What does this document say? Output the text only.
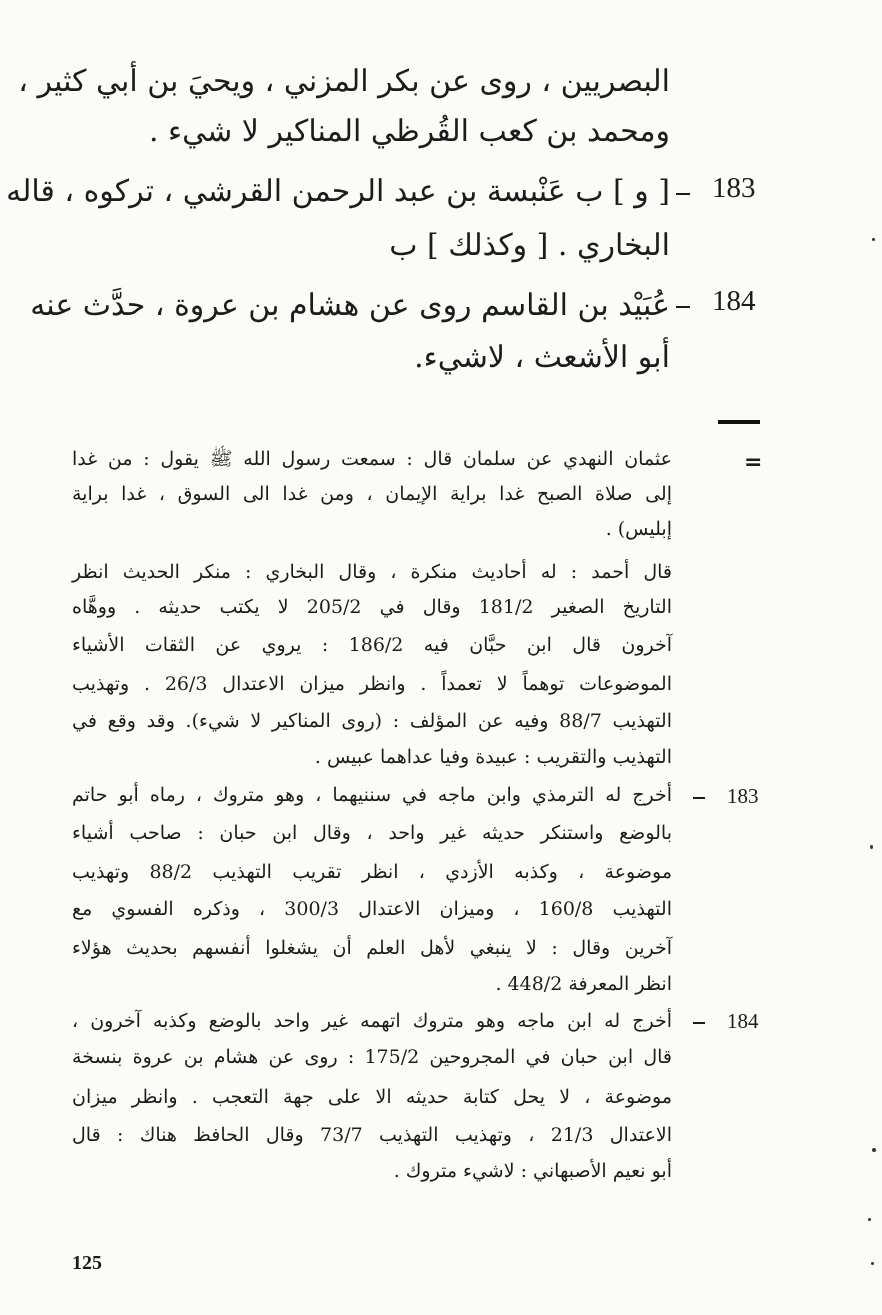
البصريين ، روى عن بكر المزني ، ويحيَ بن أبي كثير ،
ومحمد بن كعب القُرظي المناكير لا شيء .
183
[ و ] ب عَنْبسة بن عبد الرحمن القرشي ، تركوه ، قاله
البخاري . [ وكذلك ] ب
184
عُبَيْد بن القاسم روى عن هشام بن عروة ، حدَّث عنه
أبو الأشعث ، لاشيء.
=
عثمان النهدي عن سلمان قال : سمعت رسول الله ﷺ يقول : من غدا
إلى صلاة الصبح غدا براية الإيمان ، ومن غدا الى السوق ، غدا براية
إبليس) .
قال أحمد : له أحاديث منكرة ، وقال البخاري : منكر الحديث انظر
التاريخ الصغير 181/2 وقال في 205/2 لا يكتب حديثه . ووهَّاه
آخرون قال ابن حبَّان فيه 186/2 : يروي عن الثقات الأشياء
الموضوعات توهماً لا تعمداً . وانظر ميزان الاعتدال 26/3 . وتهذيب
التهذيب 88/7 وفيه عن المؤلف : (روى المناكير لا شيء). وقد وقع في
التهذيب والتقريب : عبيدة وفيا عداهما عبيس .
183
أخرج له الترمذي وابن ماجه في سننيهما ، وهو متروك ، رماه أبو حاتم
بالوضع واستنكر حديثه غير واحد ، وقال ابن حبان : صاحب أشياء
موضوعة ، وكذبه الأزدي ، انظر تقريب التهذيب 88/2 وتهذيب
التهذيب 160/8 ، وميزان الاعتدال 300/3 ، وذكره الفسوي مع
آخرين وقال : لا ينبغي لأهل العلم أن يشغلوا أنفسهم بحديث هؤلاء
انظر المعرفة 448/2 .
184
أخرج له ابن ماجه وهو متروك اتهمه غير واحد بالوضع وكذبه آخرون ،
قال ابن حبان في المجروحين 175/2 : روى عن هشام بن عروة بنسخة
موضوعة ، لا يحل كتابة حديثه الا على جهة التعجب . وانظر ميزان
الاعتدال 21/3 ، وتهذيب التهذيب 73/7 وقال الحافظ هناك : قال
أبو نعيم الأصبهاني : لاشيء متروك .
125
